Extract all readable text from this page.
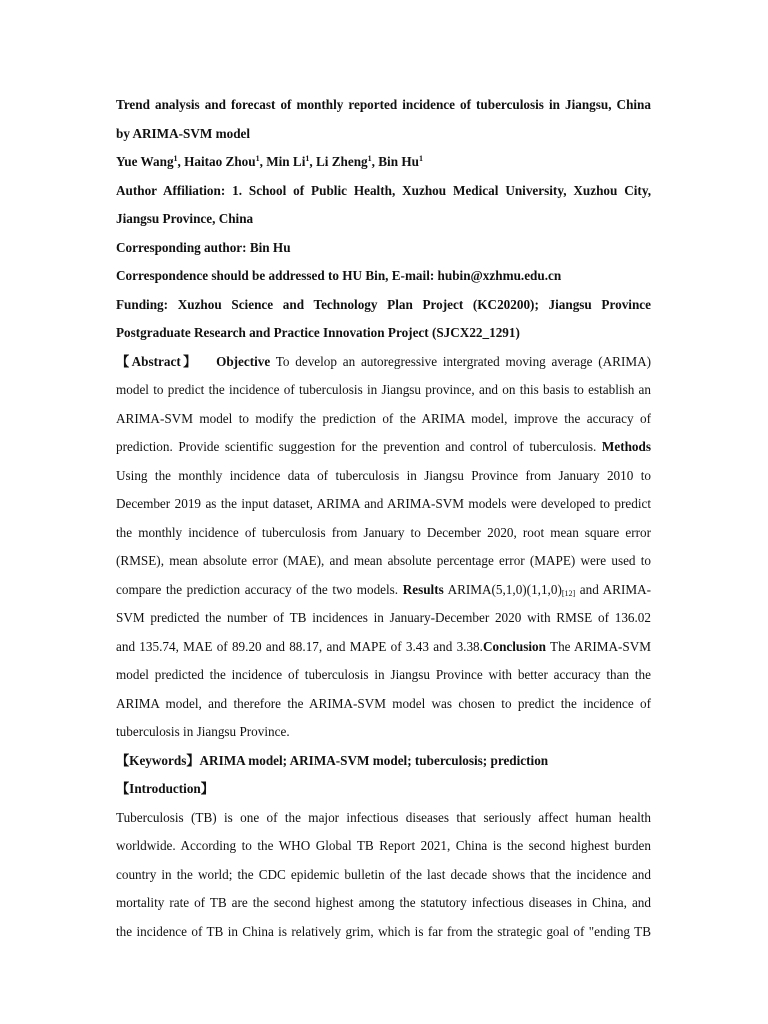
Trend analysis and forecast of monthly reported incidence of tuberculosis in Jiangsu, China
by ARIMA-SVM model
Yue Wang$^1$, Haitao Zhou$^1$, Min Li$^1$, Li Zheng$^1$, Bin Hu$^1$
Author Affiliation: 1. School of Public Health, Xuzhou Medical University, Xuzhou City,
Jiangsu Province, China
Corresponding author: Bin Hu
Correspondence should be addressed to HU Bin, E-mail: hubin@xzhmu.edu.cn
Funding: Xuzhou Science and Technology Plan Project (KC20200); Jiangsu Province
Postgraduate Research and Practice Innovation Project (SJCX22_1291)
【Abstract】 Objective To develop an autoregressive intergrated moving average (ARIMA)
model to predict the incidence of tuberculosis in Jiangsu province, and on this basis to establish an
ARIMA-SVM model to modify the prediction of the ARIMA model, improve the accuracy of
prediction. Provide scientific suggestion for the prevention and control of tuberculosis. Methods
Using the monthly incidence data of tuberculosis in Jiangsu Province from January 2010 to
December 2019 as the input dataset, ARIMA and ARIMA-SVM models were developed to predict
the monthly incidence of tuberculosis from January to December 2020, root mean square error
(RMSE), mean absolute error (MAE), and mean absolute percentage error (MAPE) were used to
compare the prediction accuracy of the two models. Results $ARIMA(5,1,0)(1,1,0)_{[12]}$ and ARIMA-
SVM predicted the number of TB incidences in January-December 2020 with RMSE of 136.02
and 135.74, MAE of 89.20 and 88.17, and MAPE of 3.43 and 3.38.Conclusion The ARIMA-SVM
model predicted the incidence of tuberculosis in Jiangsu Province with better accuracy than the
ARIMA model, and therefore the ARIMA-SVM model was chosen to predict the incidence of
tuberculosis in Jiangsu Province.
【Keywords】ARIMA model; ARIMA-SVM model; tuberculosis; prediction
【Introduction】
Tuberculosis (TB) is one of the major infectious diseases that seriously affect human health
worldwide. According to the WHO Global TB Report 2021, China is the second highest burden
country in the world; the CDC epidemic bulletin of the last decade shows that the incidence and
mortality rate of TB are the second highest among the statutory infectious diseases in China, and
the incidence of TB in China is relatively grim, which is far from the strategic goal of "ending TB
